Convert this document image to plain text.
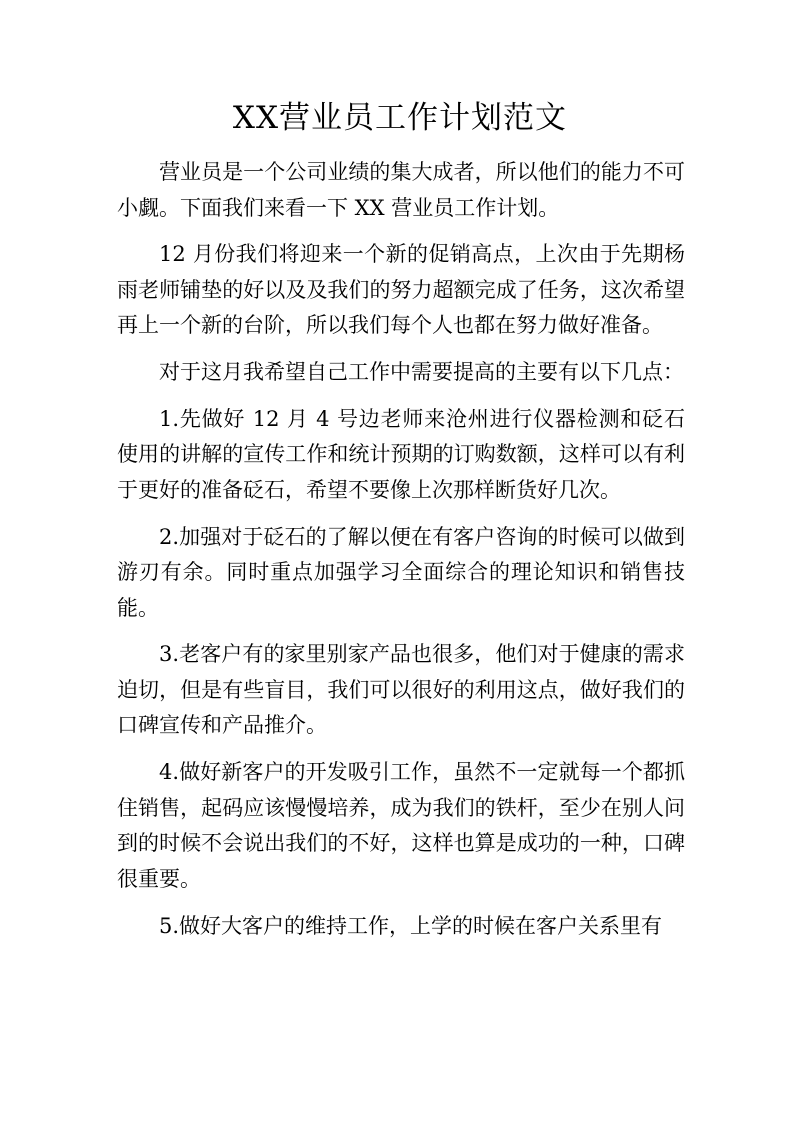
XX营业员工作计划范文

营业员是一个公司业绩的集大成者，所以他们的能力不可小觑。下面我们来看一下 XX 营业员工作计划。

12 月份我们将迎来一个新的促销高点，上次由于先期杨雨老师铺垫的好以及及我们的努力超额完成了任务，这次希望再上一个新的台阶，所以我们每个人也都在努力做好准备。

对于这月我希望自己工作中需要提高的主要有以下几点：

1.先做好 12 月 4 号边老师来沧州进行仪器检测和砭石使用的讲解的宣传工作和统计预期的订购数额，这样可以有利于更好的准备砭石，希望不要像上次那样断货好几次。

2.加强对于砭石的了解以便在有客户咨询的时候可以做到游刃有余。同时重点加强学习全面综合的理论知识和销售技能。

3.老客户有的家里别家产品也很多，他们对于健康的需求迫切，但是有些盲目，我们可以很好的利用这点，做好我们的口碑宣传和产品推介。

4.做好新客户的开发吸引工作，虽然不一定就每一个都抓住销售，起码应该慢慢培养，成为我们的铁杆，至少在别人问到的时候不会说出我们的不好，这样也算是成功的一种，口碑很重要。

5.做好大客户的维持工作，上学的时候在客户关系里有
